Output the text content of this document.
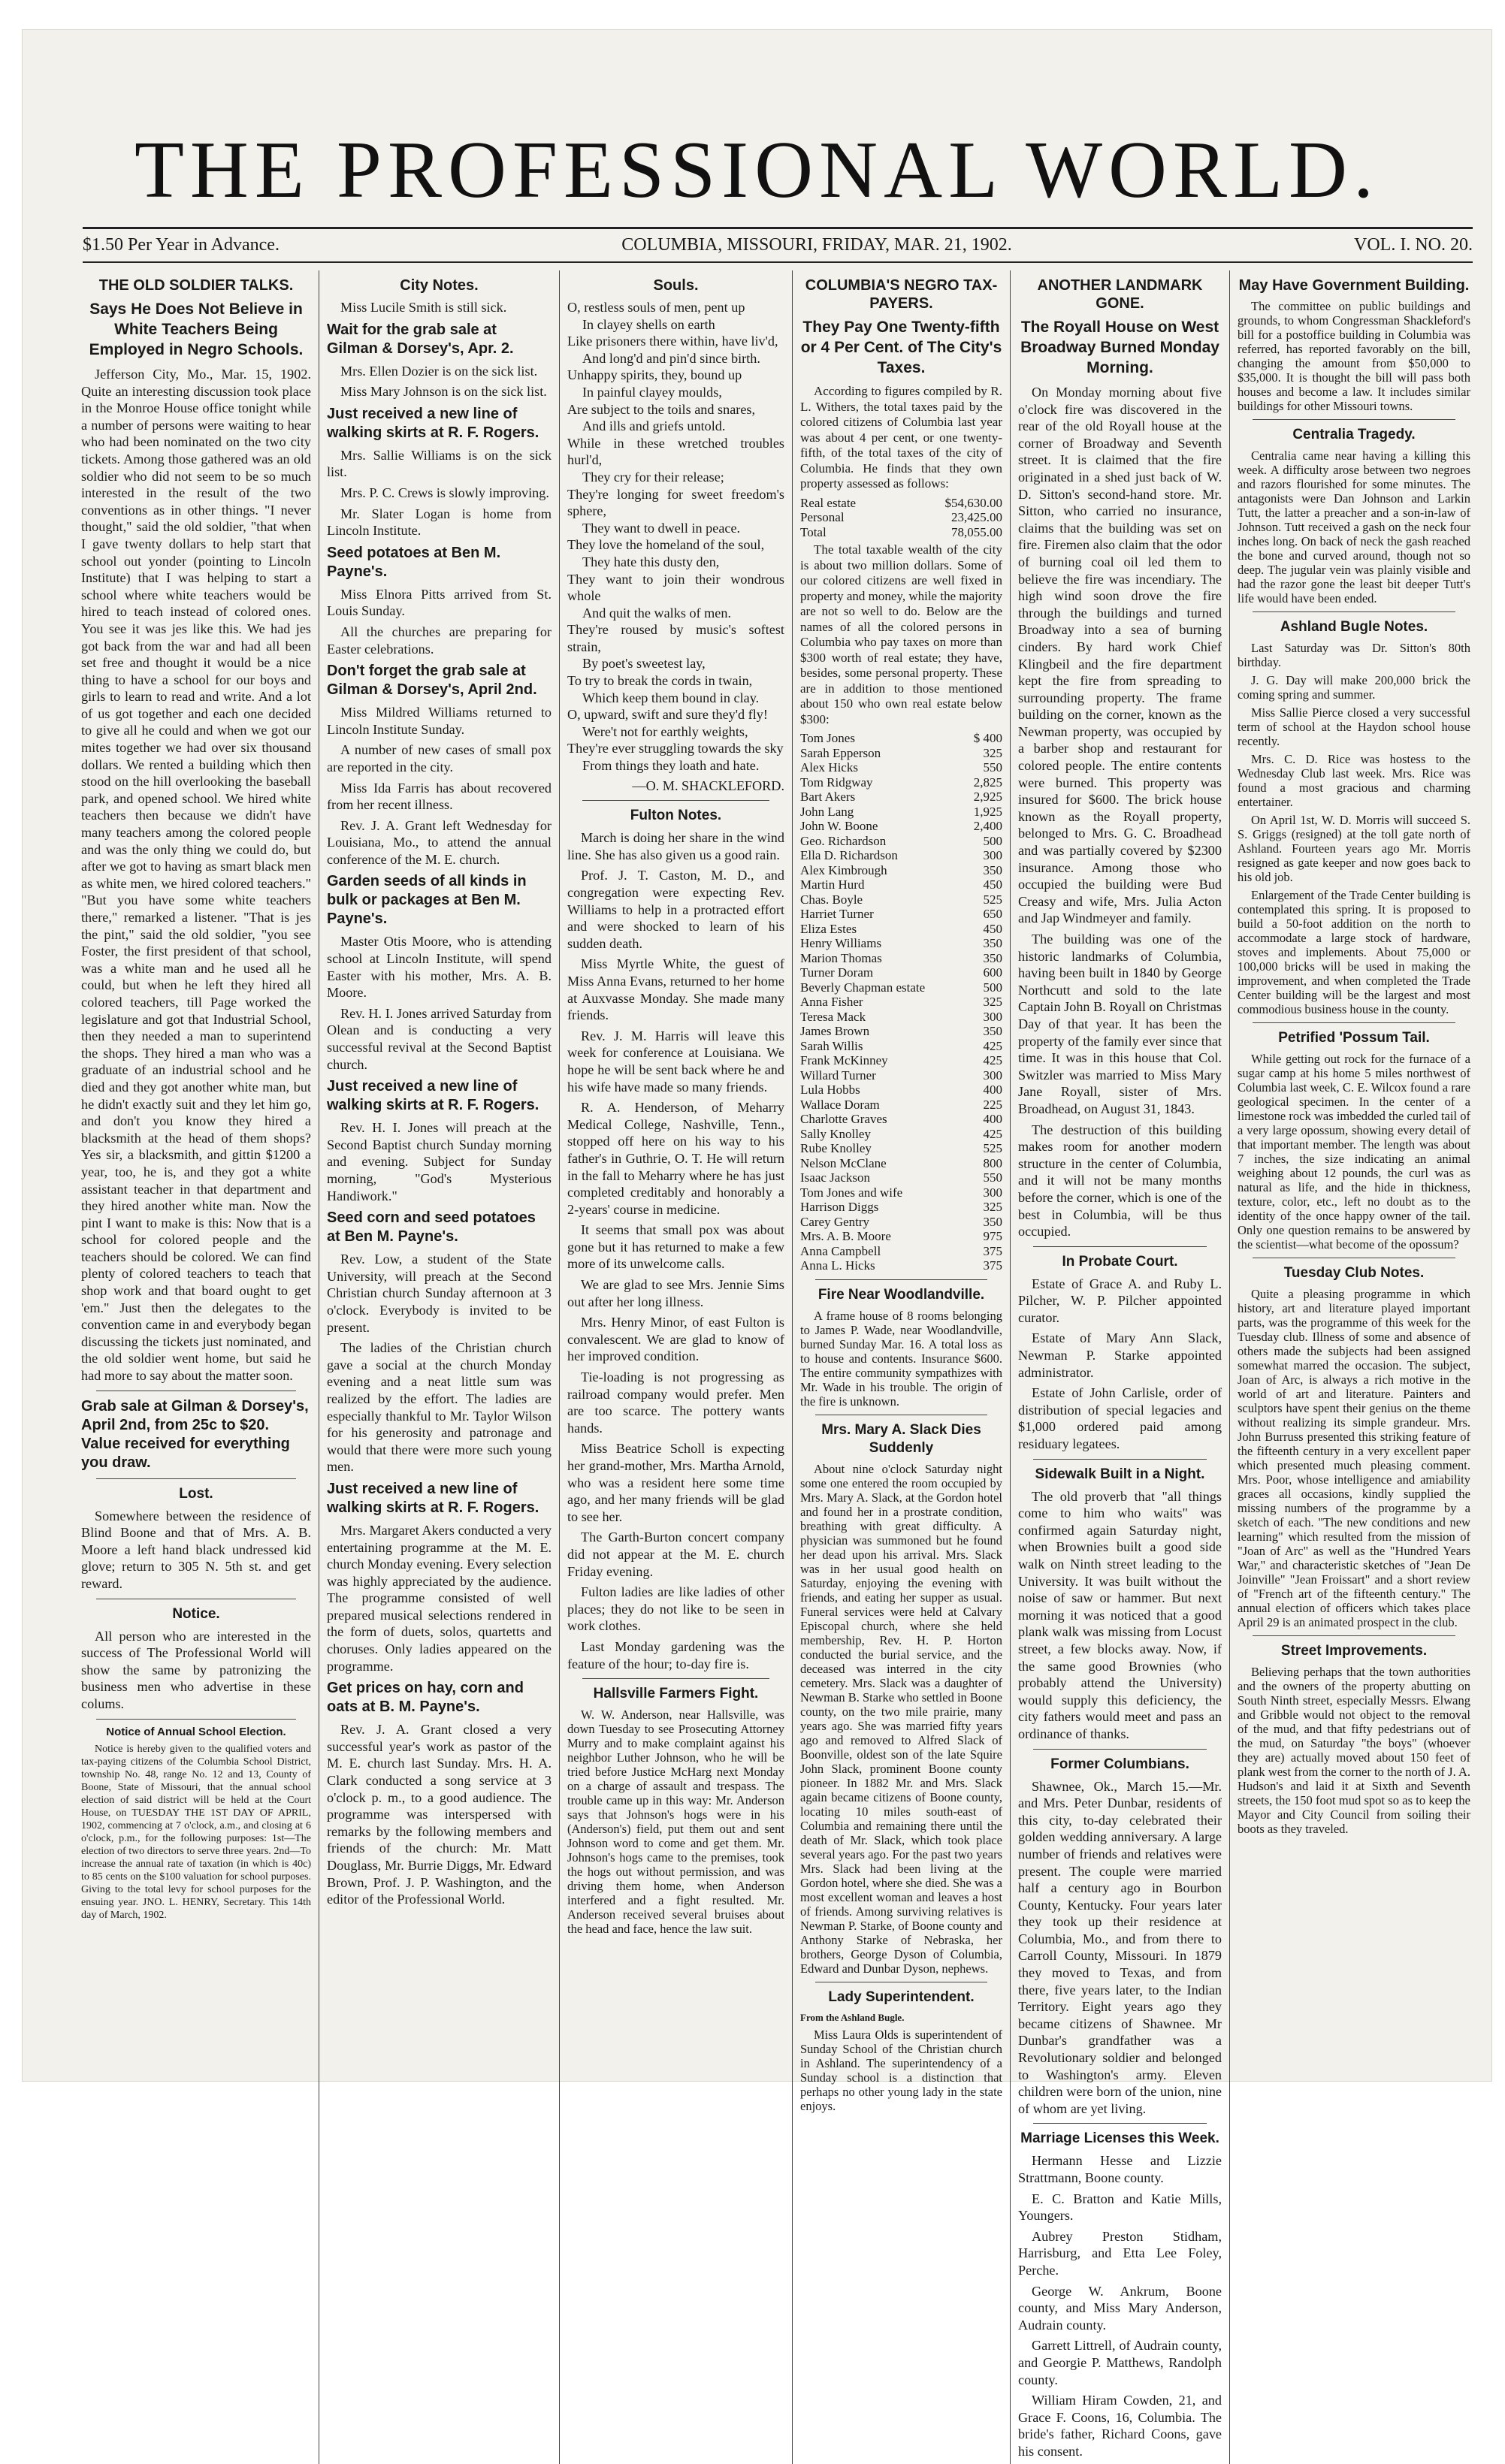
THE PROFESSIONAL WORLD.
$1.50 Per Year in Advance.	COLUMBIA, MISSOURI, FRIDAY, MAR. 21, 1902.	VOL. I. NO. 20.
THE OLD SOLDIER TALKS.
Says He Does Not Believe in White Teachers Being Employed in Negro Schools.

Jefferson City, Mo., Mar. 15, 1902. Quite an interesting discussion took place in the Monroe House office tonight while a number of persons were waiting to hear who had been nominated on the two city tickets. Among those gathered was an old soldier who did not seem to be so much interested in the result of the two conventions as in other things. "I never thought," said the old soldier, "that when I gave twenty dollars to help start that school out yonder (pointing to Lincoln Institute) that I was helping to start a school where white teachers would be hired to teach instead of colored ones. You see it was jes like this. We had jes got back from the war and had all been set free and thought it would be a nice thing to have a school for our boys and girls to learn to read and write. And a lot of us got together and each one decided to give all he could and when we got our mites together we had over six thousand dollars. We rented a building which then stood on the hill overlooking the baseball park, and opened school. We hired white teachers then because we didn't have many teachers among the colored people and was the only thing we could do, but after we got to having as smart black men as white men, we hired colored teachers." "But you have some white teachers there," remarked a listener. "That is jes the pint," said the old soldier, "you see Foster, the first president of that school, was a white man and he used all he could, but when he left they hired all colored teachers, till Page worked the legislature and got that Industrial School, then they needed a man to superintend the shops. They hired a man who was a graduate of an industrial school and he died and they got another white man, but he didn't exactly suit and they let him go, and don't you know they hired a blacksmith at the head of them shops? Yes sir, a blacksmith, and gittin $1200 a year, too, he is, and they got a white assistant teacher in that department and they hired another white man. Now the pint I want to make is this: Now that is a school for colored people and the teachers should be colored. We can find plenty of colored teachers to teach that shop work and that board ought to get 'em." Just then the delegates to the convention came in and everybody began discussing the tickets just nominated, and the old soldier went home, but said he had more to say about the matter soon.

Grab sale at Gilman & Dorsey's, April 2nd, from 25c to $20. Value received for everything you draw.
Lost.

Somewhere between the residence of Blind Boone and that of Mrs. A. B. Moore a left hand black undressed kid glove; return to 305 N. 5th st. and get reward.

Notice.

All person who are interested in the success of The Professional World will show the same by patronizing the business men who advertise in these colums.

Notice of Annual School Election.

Notice is hereby given to the qualified voters and tax-paying citizens of the Columbia School District, township No. 48, range No. 12 and 13, County of Boone, State of Missouri, that the annual school election of said district will be held at the Court House, on TUESDAY THE 1ST DAY OF APRIL, 1902, commencing at 7 o'clock, a.m., and closing at 6 o'clock, p.m., for the following purposes: 1st—The election of two directors to serve three years. 2nd—To increase the annual rate of taxation (in which is 40c) to 85 cents on the $100 valuation for school purposes. Giving to the total levy for school purposes for the ensuing year. JNO. L. HENRY, Secretary. This 14th day of March, 1902.

City Notes.

Miss Lucile Smith is still sick.

Wait for the grab sale at Gilman & Dorsey's, Apr. 2.

Mrs. Ellen Dozier is on the sick list.

Miss Mary Johnson is on the sick list.

Just received a new line of walking skirts at R. F. Rogers.

Mrs. Sallie Williams is on the sick list.

Mrs. P. C. Crews is slowly improving.

Mr. Slater Logan is home from Lincoln Institute.

Seed potatoes at Ben M. Payne's.

Miss Elnora Pitts arrived from St. Louis Sunday.

All the churches are preparing for Easter celebrations.

Don't forget the grab sale at Gilman & Dorsey's, April 2nd.

Miss Mildred Williams returned to Lincoln Institute Sunday.

A number of new cases of small pox are reported in the city.

Miss Ida Farris has about recovered from her recent illness.

Rev. J. A. Grant left Wednesday for Louisiana, Mo., to attend the annual conference of the M. E. church.

Garden seeds of all kinds in bulk or packages at Ben M. Payne's.

Master Otis Moore, who is attending school at Lincoln Institute, will spend Easter with his mother, Mrs. A. B. Moore.

Rev. H. I. Jones arrived Saturday from Olean and is conducting a very successful revival at the Second Baptist church.

Just received a new line of walking skirts at R. F. Rogers.

Rev. H. I. Jones will preach at the Second Baptist church Sunday morning and evening. Subject for Sunday morning, "God's Mysterious Handiwork."

Seed corn and seed potatoes at Ben M. Payne's.

Rev. Low, a student of the State University, will preach at the Second Christian church Sunday afternoon at 3 o'clock. Everybody is invited to be present.

The ladies of the Christian church gave a social at the church Monday evening and a neat little sum was realized by the effort. The ladies are especially thankful to Mr. Taylor Wilson for his generosity and patronage and would that there were more such young men.

Just received a new line of walking skirts at R. F. Rogers.

Mrs. Margaret Akers conducted a very entertaining programme at the M. E. church Monday evening. Every selection was highly appreciated by the audience. The programme consisted of well prepared musical selections rendered in the form of duets, solos, quartetts and choruses. Only ladies appeared on the programme.

Get prices on hay, corn and oats at B. M. Payne's.

Rev. J. A. Grant closed a very successful year's work as pastor of the M. E. church last Sunday. Mrs. H. A. Clark conducted a song service at 3 o'clock p. m., to a good audience. The programme was interspersed with remarks by the following members and friends of the church: Mr. Matt Douglass, Mr. Burrie Diggs, Mr. Edward Brown, Prof. J. P. Washington, and the editor of the Professional World.

Souls.

O, restless souls of men, pent up

In clayey shells on earth

Like prisoners there within, have liv'd,

And long'd and pin'd since birth.

Unhappy spirits, they, bound up

In painful clayey moulds,

Are subject to the toils and snares,

And ills and griefs untold.

While in these wretched troubles hurl'd,

They cry for their release;

They're longing for sweet freedom's sphere,

They want to dwell in peace.

They love the homeland of the soul,

They hate this dusty den,

They want to join their wondrous whole

And quit the walks of men.

They're roused by music's softest strain,

By poet's sweetest lay,

To try to break the cords in twain,

Which keep them bound in clay.

O, upward, swift and sure they'd fly!

Were't not for earthly weights,

They're ever struggling towards the sky

From things they loath and hate.

—O. M. SHACKLEFORD.

Fulton Notes.

March is doing her share in the wind line. She has also given us a good rain.

Prof. J. T. Caston, M. D., and congregation were expecting Rev. Williams to help in a protracted effort and were shocked to learn of his sudden death.

Miss Myrtle White, the guest of Miss Anna Evans, returned to her home at Auxvasse Monday. She made many friends.

Rev. J. M. Harris will leave this week for conference at Louisiana. We hope he will be sent back where he and his wife have made so many friends.

R. A. Henderson, of Meharry Medical College, Nashville, Tenn., stopped off here on his way to his father's in Guthrie, O. T. He will return in the fall to Meharry where he has just completed creditably and honorably a 2-years' course in medicine.

It seems that small pox was about gone but it has returned to make a few more of its unwelcome calls.

We are glad to see Mrs. Jennie Sims out after her long illness.

Mrs. Henry Minor, of east Fulton is convalescent. We are glad to know of her improved condition.

Tie-loading is not progressing as railroad company would prefer. Men are too scarce. The pottery wants hands.

Miss Beatrice Scholl is expecting her grand-mother, Mrs. Martha Arnold, who was a resident here some time ago, and her many friends will be glad to see her.

The Garth-Burton concert company did not appear at the M. E. church Friday evening.

Fulton ladies are like ladies of other places; they do not like to be seen in work clothes.

Last Monday gardening was the feature of the hour; to-day fire is.

Hallsville Farmers Fight.

W. W. Anderson, near Hallsville, was down Tuesday to see Prosecuting Attorney Murry and to make complaint against his neighbor Luther Johnson, who he will be tried before Justice McHarg next Monday on a charge of assault and trespass. The trouble came up in this way: Mr. Anderson says that Johnson's hogs were in his (Anderson's) field, put them out and sent Johnson word to come and get them. Mr. Johnson's hogs came to the premises, took the hogs out without permission, and was driving them home, when Anderson interfered and a fight resulted. Mr. Anderson received several bruises about the head and face, hence the law suit.

COLUMBIA'S NEGRO TAX-PAYERS.
They Pay One Twenty-fifth or 4 Per Cent. of The City's Taxes.

According to figures compiled by R. L. Withers, the total taxes paid by the colored citizens of Columbia last year was about 4 per cent, or one twenty-fifth, of the total taxes of the city of Columbia. He finds that they own property assessed as follows:

Real estate	$54,630.00
Personal	23,425.00
Total	78,055.00

The total taxable wealth of the city is about two million dollars. Some of our colored citizens are well fixed in property and money, while the majority are not so well to do. Below are the names of all the colored persons in Columbia who pay taxes on more than $300 worth of real estate; they have, besides, some personal property. These are in addition to those mentioned about 150 who own real estate below $300:

Tom Jones	$ 400
Sarah Epperson	325
Alex Hicks	550
Tom Ridgway	2,825
Bart Akers	2,925
John Lang	1,925
John W. Boone	2,400
Geo. Richardson	500
Ella D. Richardson	300
Alex Kimbrough	350
Martin Hurd	450
Chas. Boyle	525
Harriet Turner	650
Eliza Estes	450
Henry Williams	350
Marion Thomas	350
Turner Doram	600
Beverly Chapman estate	500
Anna Fisher	325
Teresa Mack	300
James Brown	350
Sarah Willis	425
Frank McKinney	425
Willard Turner	300
Lula Hobbs	400
Wallace Doram	225
Charlotte Graves	400
Sally Knolley	425
Rube Knolley	525
Nelson McClane	800
Isaac Jackson	550
Tom Jones and wife	300
Harrison Diggs	325
Carey Gentry	350
Mrs. A. B. Moore	975
Anna Campbell	375
Anna L. Hicks	375
Fire Near Woodlandville.

A frame house of 8 rooms belonging to James P. Wade, near Woodlandville, burned Sunday Mar. 16. A total loss as to house and contents. Insurance $600. The entire community sympathizes with Mr. Wade in his trouble. The origin of the fire is unknown.

Mrs. Mary A. Slack Dies Suddenly

About nine o'clock Saturday night some one entered the room occupied by Mrs. Mary A. Slack, at the Gordon hotel and found her in a prostrate condition, breathing with great difficulty. A physician was summoned but he found her dead upon his arrival. Mrs. Slack was in her usual good health on Saturday, enjoying the evening with friends, and eating her supper as usual. Funeral services were held at Calvary Episcopal church, where she held membership, Rev. H. P. Horton conducted the burial service, and the deceased was interred in the city cemetery. Mrs. Slack was a daughter of Newman B. Starke who settled in Boone county, on the two mile prairie, many years ago. She was married fifty years ago and removed to Alfred Slack of Boonville, oldest son of the late Squire John Slack, prominent Boone county pioneer. In 1882 Mr. and Mrs. Slack again became citizens of Boone county, locating 10 miles south-east of Columbia and remaining there until the death of Mr. Slack, which took place several years ago. For the past two years Mrs. Slack had been living at the Gordon hotel, where she died. She was a most excellent woman and leaves a host of friends. Among surviving relatives is Newman P. Starke, of Boone county and Anthony Starke of Nebraska, her brothers, George Dyson of Columbia, Edward and Dunbar Dyson, nephews.

Lady Superintendent.

From the Ashland Bugle.

Miss Laura Olds is superintendent of Sunday School of the Christian church in Ashland. The superintendency of a Sunday school is a distinction that perhaps no other young lady in the state enjoys.

ANOTHER LANDMARK GONE.
The Royall House on West Broadway Burned Monday Morning.

On Monday morning about five o'clock fire was discovered in the rear of the old Royall house at the corner of Broadway and Seventh street. It is claimed that the fire originated in a shed just back of W. D. Sitton's second-hand store. Mr. Sitton, who carried no insurance, claims that the building was set on fire. Firemen also claim that the odor of burning coal oil led them to believe the fire was incendiary. The high wind soon drove the fire through the buildings and turned Broadway into a sea of burning cinders. By hard work Chief Klingbeil and the fire department kept the fire from spreading to surrounding property. The frame building on the corner, known as the Newman property, was occupied by a barber shop and restaurant for colored people. The entire contents were burned. This property was insured for $600. The brick house known as the Royall property, belonged to Mrs. G. C. Broadhead and was partially covered by $2300 insurance. Among those who occupied the building were Bud Creasy and wife, Mrs. Julia Acton and Jap Windmeyer and family.

The building was one of the historic landmarks of Columbia, having been built in 1840 by George Northcutt and sold to the late Captain John B. Royall on Christmas Day of that year. It has been the property of the family ever since that time. It was in this house that Col. Switzler was married to Miss Mary Jane Royall, sister of Mrs. Broadhead, on August 31, 1843.

The destruction of this building makes room for another modern structure in the center of Columbia, and it will not be many months before the corner, which is one of the best in Columbia, will be thus occupied.

In Probate Court.

Estate of Grace A. and Ruby L. Pilcher, W. P. Pilcher appointed curator.

Estate of Mary Ann Slack, Newman P. Starke appointed administrator.

Estate of John Carlisle, order of distribution of special legacies and $1,000 ordered paid among residuary legatees.

Sidewalk Built in a Night.

The old proverb that "all things come to him who waits" was confirmed again Saturday night, when Brownies built a good side walk on Ninth street leading to the University. It was built without the noise of saw or hammer. But next morning it was noticed that a good plank walk was missing from Locust street, a few blocks away. Now, if the same good Brownies (who probably attend the University) would supply this deficiency, the city fathers would meet and pass an ordinance of thanks.

Former Columbians.

Shawnee, Ok., March 15.—Mr. and Mrs. Peter Dunbar, residents of this city, to-day celebrated their golden wedding anniversary. A large number of friends and relatives were present. The couple were married half a century ago in Bourbon County, Kentucky. Four years later they took up their residence at Columbia, Mo., and from there to Carroll County, Missouri. In 1879 they moved to Texas, and from there, five years later, to the Indian Territory. Eight years ago they became citizens of Shawnee. Mr Dunbar's grandfather was a Revolutionary soldier and belonged to Washington's army. Eleven children were born of the union, nine of whom are yet living.

Marriage Licenses this Week.

Hermann Hesse and Lizzie Strattmann, Boone county.

E. C. Bratton and Katie Mills, Youngers.

Aubrey Preston Stidham, Harrisburg, and Etta Lee Foley, Perche.

George W. Ankrum, Boone county, and Miss Mary Anderson, Audrain county.

Garrett Littrell, of Audrain county, and Georgie P. Matthews, Randolph county.

William Hiram Cowden, 21, and Grace F. Coons, 16, Columbia. The bride's father, Richard Coons, gave his consent.

May Have Government Building.

The committee on public buildings and grounds, to whom Congressman Shackleford's bill for a postoffice building in Columbia was referred, has reported favorably on the bill, changing the amount from $50,000 to $35,000. It is thought the bill will pass both houses and become a law. It includes similar buildings for other Missouri towns.

Centralia Tragedy.

Centralia came near having a killing this week. A difficulty arose between two negroes and razors flourished for some minutes. The antagonists were Dan Johnson and Larkin Tutt, the latter a preacher and a son-in-law of Johnson. Tutt received a gash on the neck four inches long. On back of neck the gash reached the bone and curved around, though not so deep. The jugular vein was plainly visible and had the razor gone the least bit deeper Tutt's life would have been ended.

Ashland Bugle Notes.

Last Saturday was Dr. Sitton's 80th birthday.

J. G. Day will make 200,000 brick the coming spring and summer.

Miss Sallie Pierce closed a very successful term of school at the Haydon school house recently.

Mrs. C. D. Rice was hostess to the Wednesday Club last week. Mrs. Rice was found a most gracious and charming entertainer.

On April 1st, W. D. Morris will succeed S. S. Griggs (resigned) at the toll gate north of Ashland. Fourteen years ago Mr. Morris resigned as gate keeper and now goes back to his old job.

Enlargement of the Trade Center building is contemplated this spring. It is proposed to build a 50-foot addition on the north to accommodate a large stock of hardware, stoves and implements. About 75,000 or 100,000 bricks will be used in making the improvement, and when completed the Trade Center building will be the largest and most commodious business house in the county.

Petrified 'Possum Tail.

While getting out rock for the furnace of a sugar camp at his home 5 miles northwest of Columbia last week, C. E. Wilcox found a rare geological specimen. In the center of a limestone rock was imbedded the curled tail of a very large opossum, showing every detail of that important member. The length was about 7 inches, the size indicating an animal weighing about 12 pounds, the curl was as natural as life, and the hide in thickness, texture, color, etc., left no doubt as to the identity of the once happy owner of the tail. Only one question remains to be answered by the scientist—what become of the opossum?

Tuesday Club Notes.

Quite a pleasing programme in which history, art and literature played important parts, was the programme of this week for the Tuesday club. Illness of some and absence of others made the subjects had been assigned somewhat marred the occasion. The subject, Joan of Arc, is always a rich motive in the world of art and literature. Painters and sculptors have spent their genius on the theme without realizing its simple grandeur. Mrs. John Burruss presented this striking feature of the fifteenth century in a very excellent paper which presented much pleasing comment. Mrs. Poor, whose intelligence and amiability graces all occasions, kindly supplied the missing numbers of the programme by a sketch of each. "The new conditions and new learning" which resulted from the mission of "Joan of Arc" as well as the "Hundred Years War," and characteristic sketches of "Jean De Joinville" "Jean Froissart" and a short review of "French art of the fifteenth century." The annual election of officers which takes place April 29 is an animated prospect in the club.

Street Improvements.

Believing perhaps that the town authorities and the owners of the property abutting on South Ninth street, especially Messrs. Elwang and Gribble would not object to the removal of the mud, and that fifty pedestrians out of the mud, on Saturday "the boys" (whoever they are) actually moved about 150 feet of plank west from the corner to the north of J. A. Hudson's and laid it at Sixth and Seventh streets, the 150 foot mud spot so as to keep the Mayor and City Council from soiling their boots as they traveled.
